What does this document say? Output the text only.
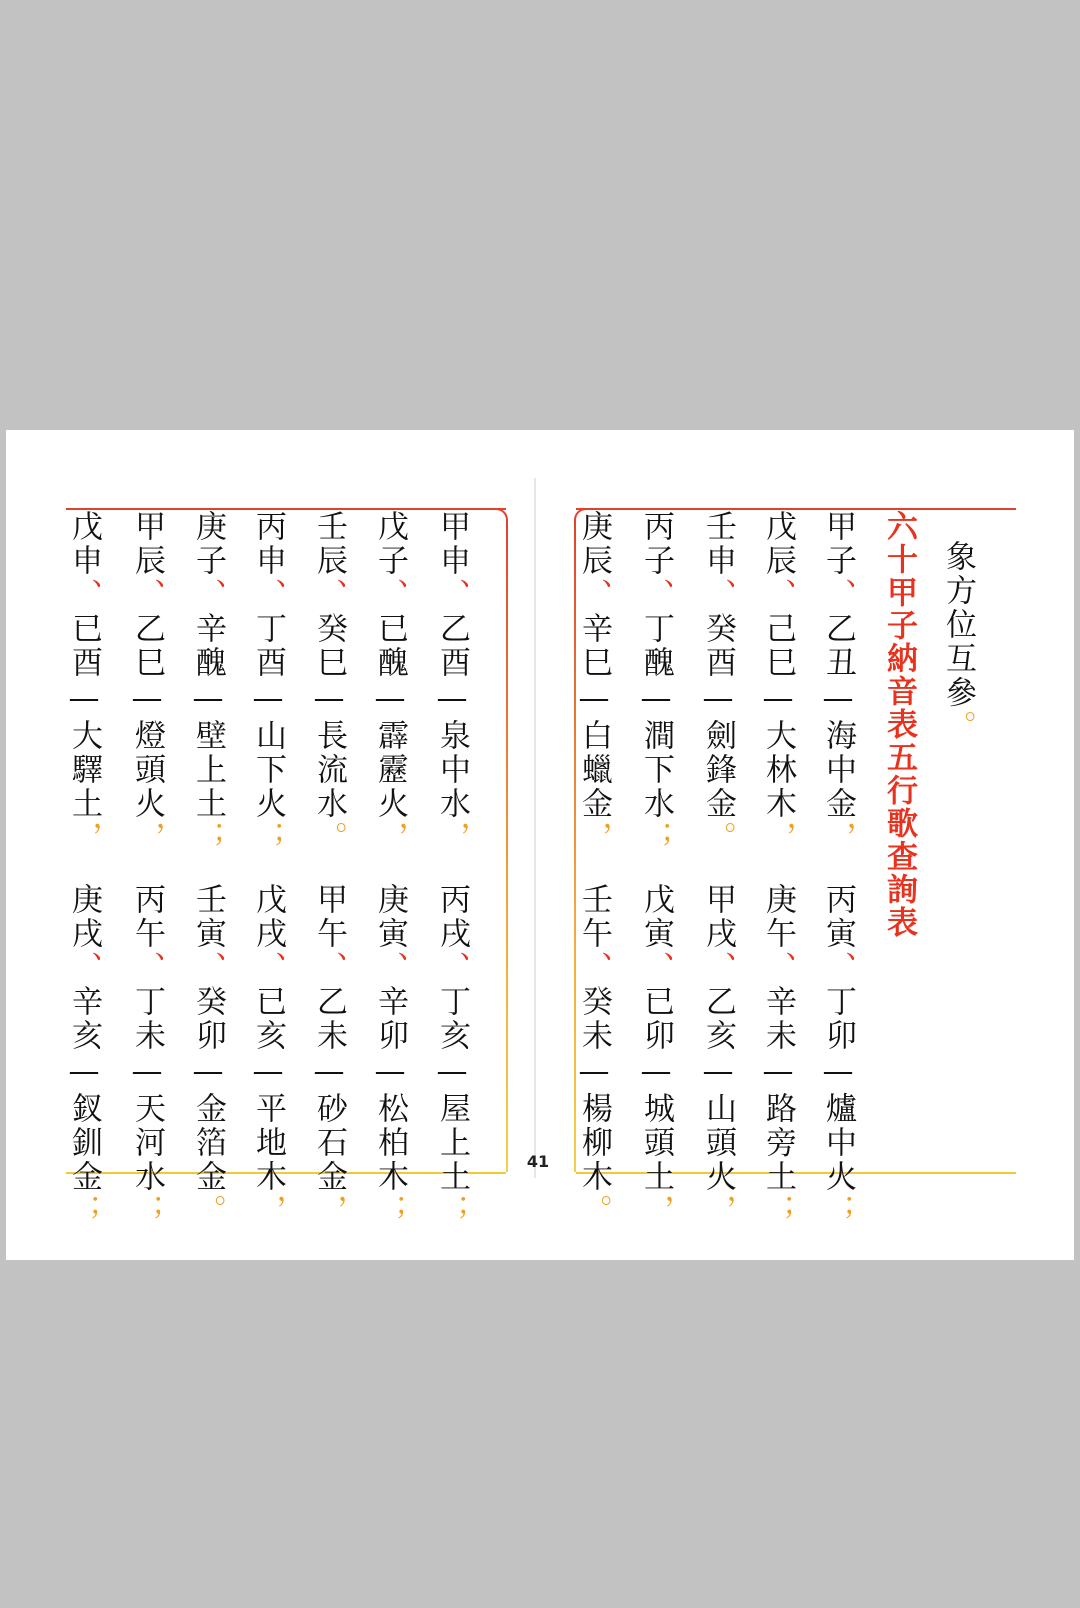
象方位互參。
六十甲子納音表五行歌查詢表
甲子、乙丑—海中金，丙寅、丁卯—爐中火；
戊辰、己巳—大林木，庚午、辛未—路旁土；
壬申、癸酉—劍鋒金。甲戌、乙亥—山頭火，
丙子、丁醜—澗下水；戊寅、已卯—城頭土，
庚辰、辛巳—白蠟金，壬午、癸未—楊柳木。
甲申、乙酉—泉中水，丙戌、丁亥—屋上土；
戊子、已醜—霹靂火，庚寅、辛卯—松柏木；
壬辰、癸巳—長流水。甲午、乙未—砂石金，
丙申、丁酉—山下火；戊戌、已亥—平地木，
庚子、辛醜—壁上土；壬寅、癸卯—金箔金。
甲辰、乙巳—燈頭火，丙午、丁未—天河水；
戊申、已酉—大驛土，庚戌、辛亥—釵釧金；
41
